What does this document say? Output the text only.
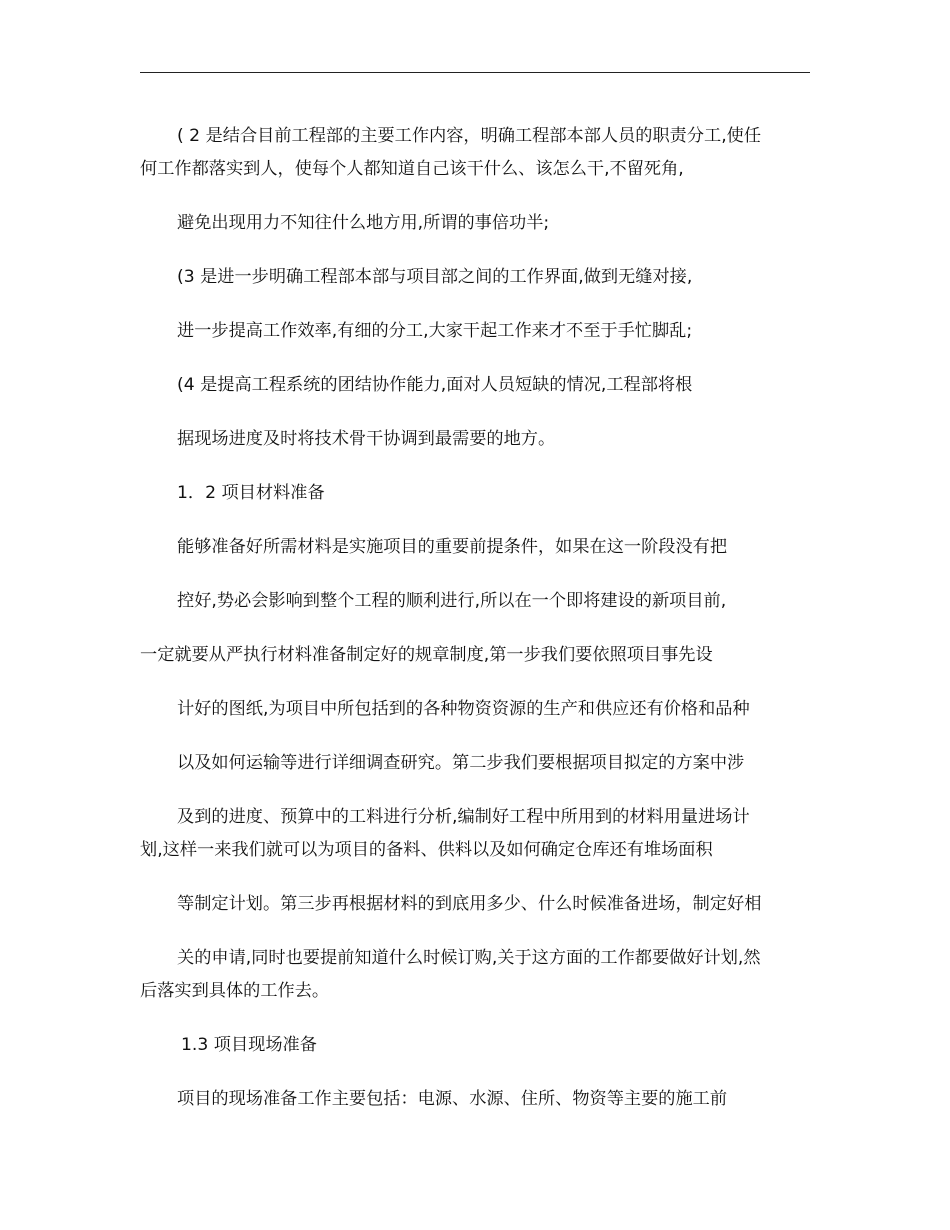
( 2 是结合目前工程部的主要工作内容，明确工程部本部人员的职责分工,使任
何工作都落实到人，使每个人都知道自己该干什么、该怎么干,不留死角,
避免出现用力不知往什么地方用,所谓的事倍功半;
(3 是进一步明确工程部本部与项目部之间的工作界面,做到无缝对接,
进一步提高工作效率,有细的分工,大家干起工作来才不至于手忙脚乱;
(4 是提高工程系统的团结协作能力,面对人员短缺的情况,工程部将根
据现场进度及时将技术骨干协调到最需要的地方。
1．2 项目材料准备
能够准备好所需材料是实施项目的重要前提条件，如果在这一阶段没有把
控好,势必会影响到整个工程的顺利进行,所以在一个即将建设的新项目前,
一定就要从严执行材料准备制定好的规章制度,第一步我们要依照项目事先设
计好的图纸,为项目中所包括到的各种物资资源的生产和供应还有价格和品种
以及如何运输等进行详细调查研究。第二步我们要根据项目拟定的方案中涉
及到的进度、预算中的工料进行分析,编制好工程中所用到的材料用量进场计
划,这样一来我们就可以为项目的备料、供料以及如何确定仓库还有堆场面积
等制定计划。第三步再根据材料的到底用多少、什么时候准备进场，制定好相
关的申请,同时也要提前知道什么时候订购,关于这方面的工作都要做好计划,然
后落实到具体的工作去。
1.3 项目现场准备
项目的现场准备工作主要包括：电源、水源、住所、物资等主要的施工前
